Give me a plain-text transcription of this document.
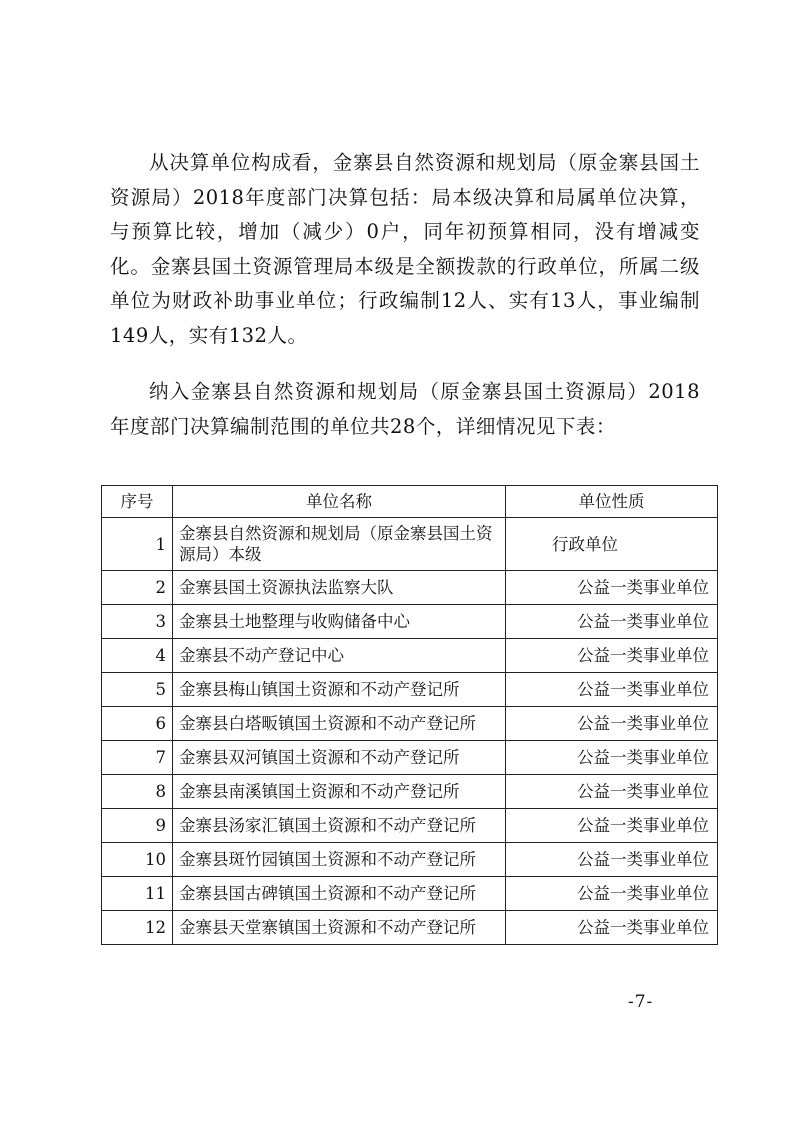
从决算单位构成看，金寨县自然资源和规划局（原金寨县国土资源局）2018年度部门决算包括：局本级决算和局属单位决算，与预算比较，增加（减少）0户，同年初预算相同，没有增减变化。金寨县国土资源管理局本级是全额拨款的行政单位，所属二级单位为财政补助事业单位；行政编制12人、实有13人，事业编制149人，实有132人。

纳入金寨县自然资源和规划局（原金寨县国土资源局）2018年度部门决算编制范围的单位共28个，详细情况见下表：

序号	单位名称	单位性质
1	金寨县自然资源和规划局（原金寨县国土资源局）本级	行政单位
2	金寨县国土资源执法监察大队	公益一类事业单位
3	金寨县土地整理与收购储备中心	公益一类事业单位
4	金寨县不动产登记中心	公益一类事业单位
5	金寨县梅山镇国土资源和不动产登记所	公益一类事业单位
6	金寨县白塔畈镇国土资源和不动产登记所	公益一类事业单位
7	金寨县双河镇国土资源和不动产登记所	公益一类事业单位
8	金寨县南溪镇国土资源和不动产登记所	公益一类事业单位
9	金寨县汤家汇镇国土资源和不动产登记所	公益一类事业单位
10	金寨县斑竹园镇国土资源和不动产登记所	公益一类事业单位
11	金寨县国古碑镇国土资源和不动产登记所	公益一类事业单位
12	金寨县天堂寨镇国土资源和不动产登记所	公益一类事业单位
-7-
